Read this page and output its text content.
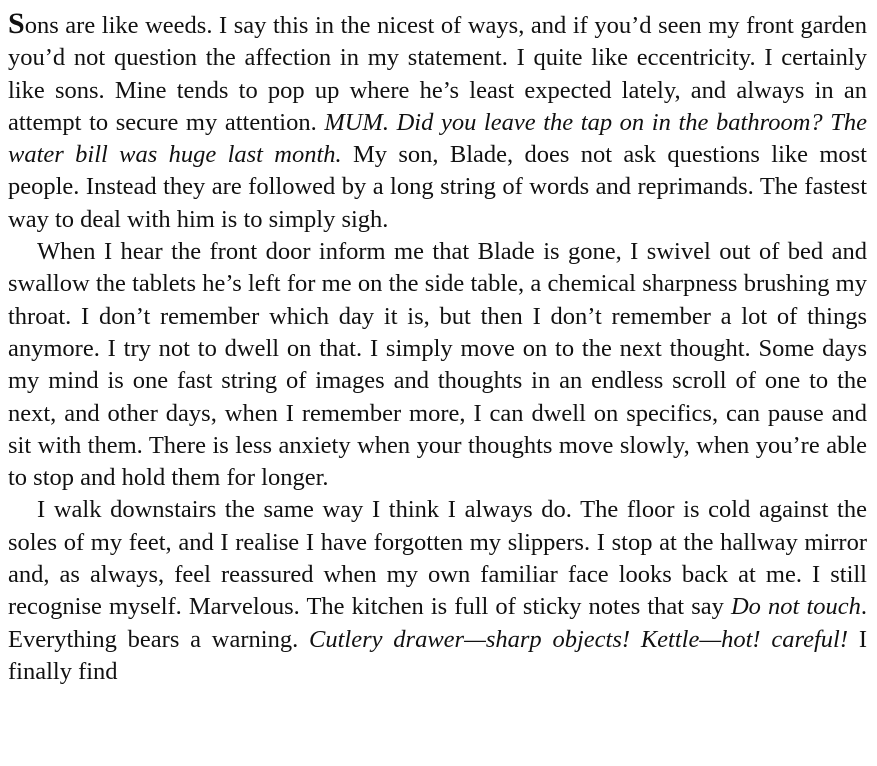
Sons are like weeds. I say this in the nicest of ways, and if you’d seen my front garden you’d not question the affection in my statement. I quite like eccentricity. I certainly like sons. Mine tends to pop up where he’s least expected lately, and always in an attempt to secure my attention. MUM. Did you leave the tap on in the bathroom? The water bill was huge last month. My son, Blade, does not ask questions like most people. Instead they are followed by a long string of words and reprimands. The fastest way to deal with him is to simply sigh.

When I hear the front door inform me that Blade is gone, I swivel out of bed and swallow the tablets he’s left for me on the side table, a chemical sharpness brushing my throat. I don’t remember which day it is, but then I don’t remember a lot of things anymore. I try not to dwell on that. I simply move on to the next thought. Some days my mind is one fast string of images and thoughts in an endless scroll of one to the next, and other days, when I remember more, I can dwell on specifics, can pause and sit with them. There is less anxiety when your thoughts move slowly, when you’re able to stop and hold them for longer.

I walk downstairs the same way I think I always do. The floor is cold against the soles of my feet, and I realise I have forgotten my slippers. I stop at the hallway mirror and, as always, feel reassured when my own familiar face looks back at me. I still recognise myself. Marvelous. The kitchen is full of sticky notes that say Do not touch. Everything bears a warning. Cutlery drawer—sharp objects! Kettle—hot! careful! I finally find
